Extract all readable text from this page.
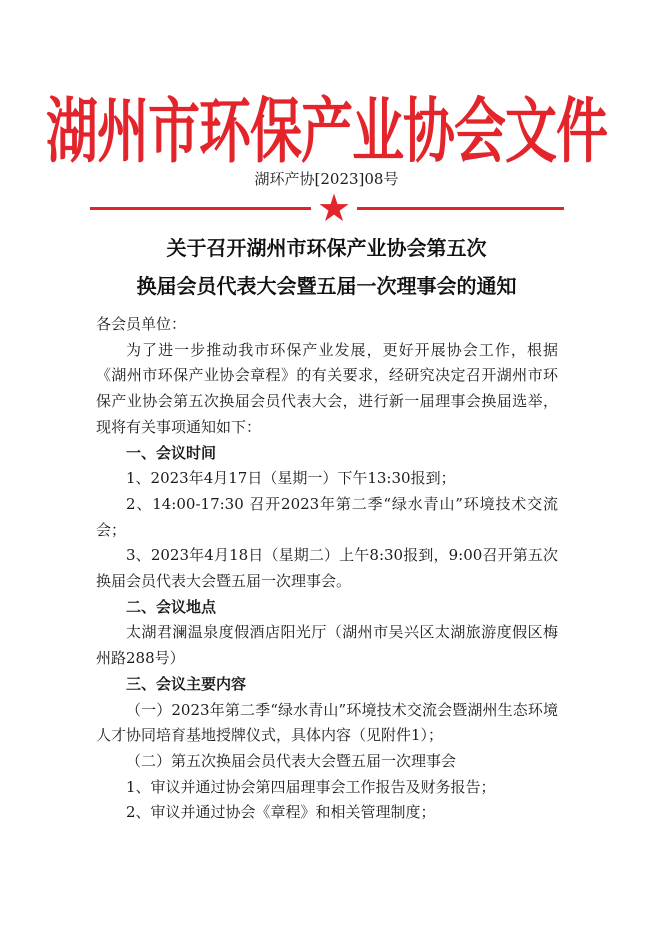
湖州市环保产业协会文件
湖环产协[2023]08号
★
关于召开湖州市环保产业协会第五次
换届会员代表大会暨五届一次理事会的通知

各会员单位：

为了进一步推动我市环保产业发展，更好开展协会工作，根据《湖州市环保产业协会章程》的有关要求，经研究决定召开湖州市环保产业协会第五次换届会员代表大会，进行新一届理事会换届选举，现将有关事项通知如下：

一、会议时间

1、2023年4月17日（星期一）下午13:30报到；

2、14:00-17:30 召开2023年第二季“绿水青山”环境技术交流会；

3、2023年4月18日（星期二）上午8:30报到，9:00召开第五次换届会员代表大会暨五届一次理事会。

二、会议地点

太湖君澜温泉度假酒店阳光厅（湖州市吴兴区太湖旅游度假区梅州路288号）

三、会议主要内容

（一）2023年第二季“绿水青山”环境技术交流会暨湖州生态环境人才协同培育基地授牌仪式，具体内容（见附件1）；

（二）第五次换届会员代表大会暨五届一次理事会

1、审议并通过协会第四届理事会工作报告及财务报告；

2、审议并通过协会《章程》和相关管理制度；
